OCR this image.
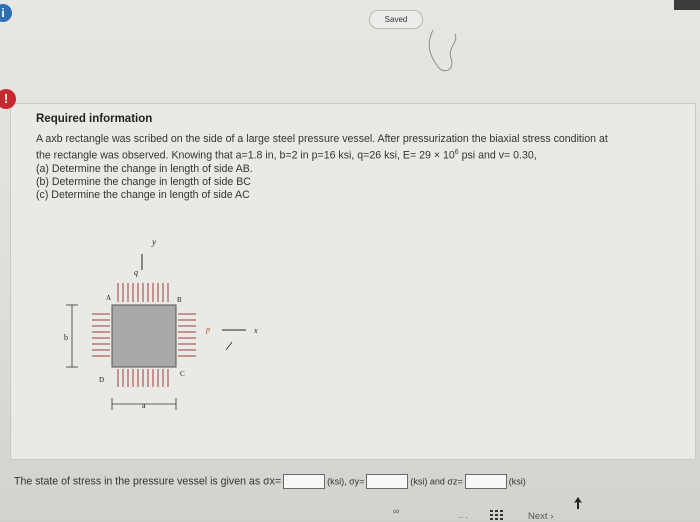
i	Saved
!
Required information
A axb rectangle was scribed on the side of a large steel pressure vessel. After pressurization the biaxial stress condition at
the rectangle was observed. Knowing that a=1.8 in, b=2 in p=16 ksi, q=26 ksi, $E= 29 \times 10^6$ psi and v= 0.30,
(a) Determine the change in length of side AB.
(b) Determine the change in length of side BC
(c) Determine the change in length of side AC
y
q
A	B
C
D
p	x
a
b
The state of stress in the pressure vessel is given as σx=	(ksi), σy=	(ksi) and σz=	(ksi)
∞
·· ·	Next ›
